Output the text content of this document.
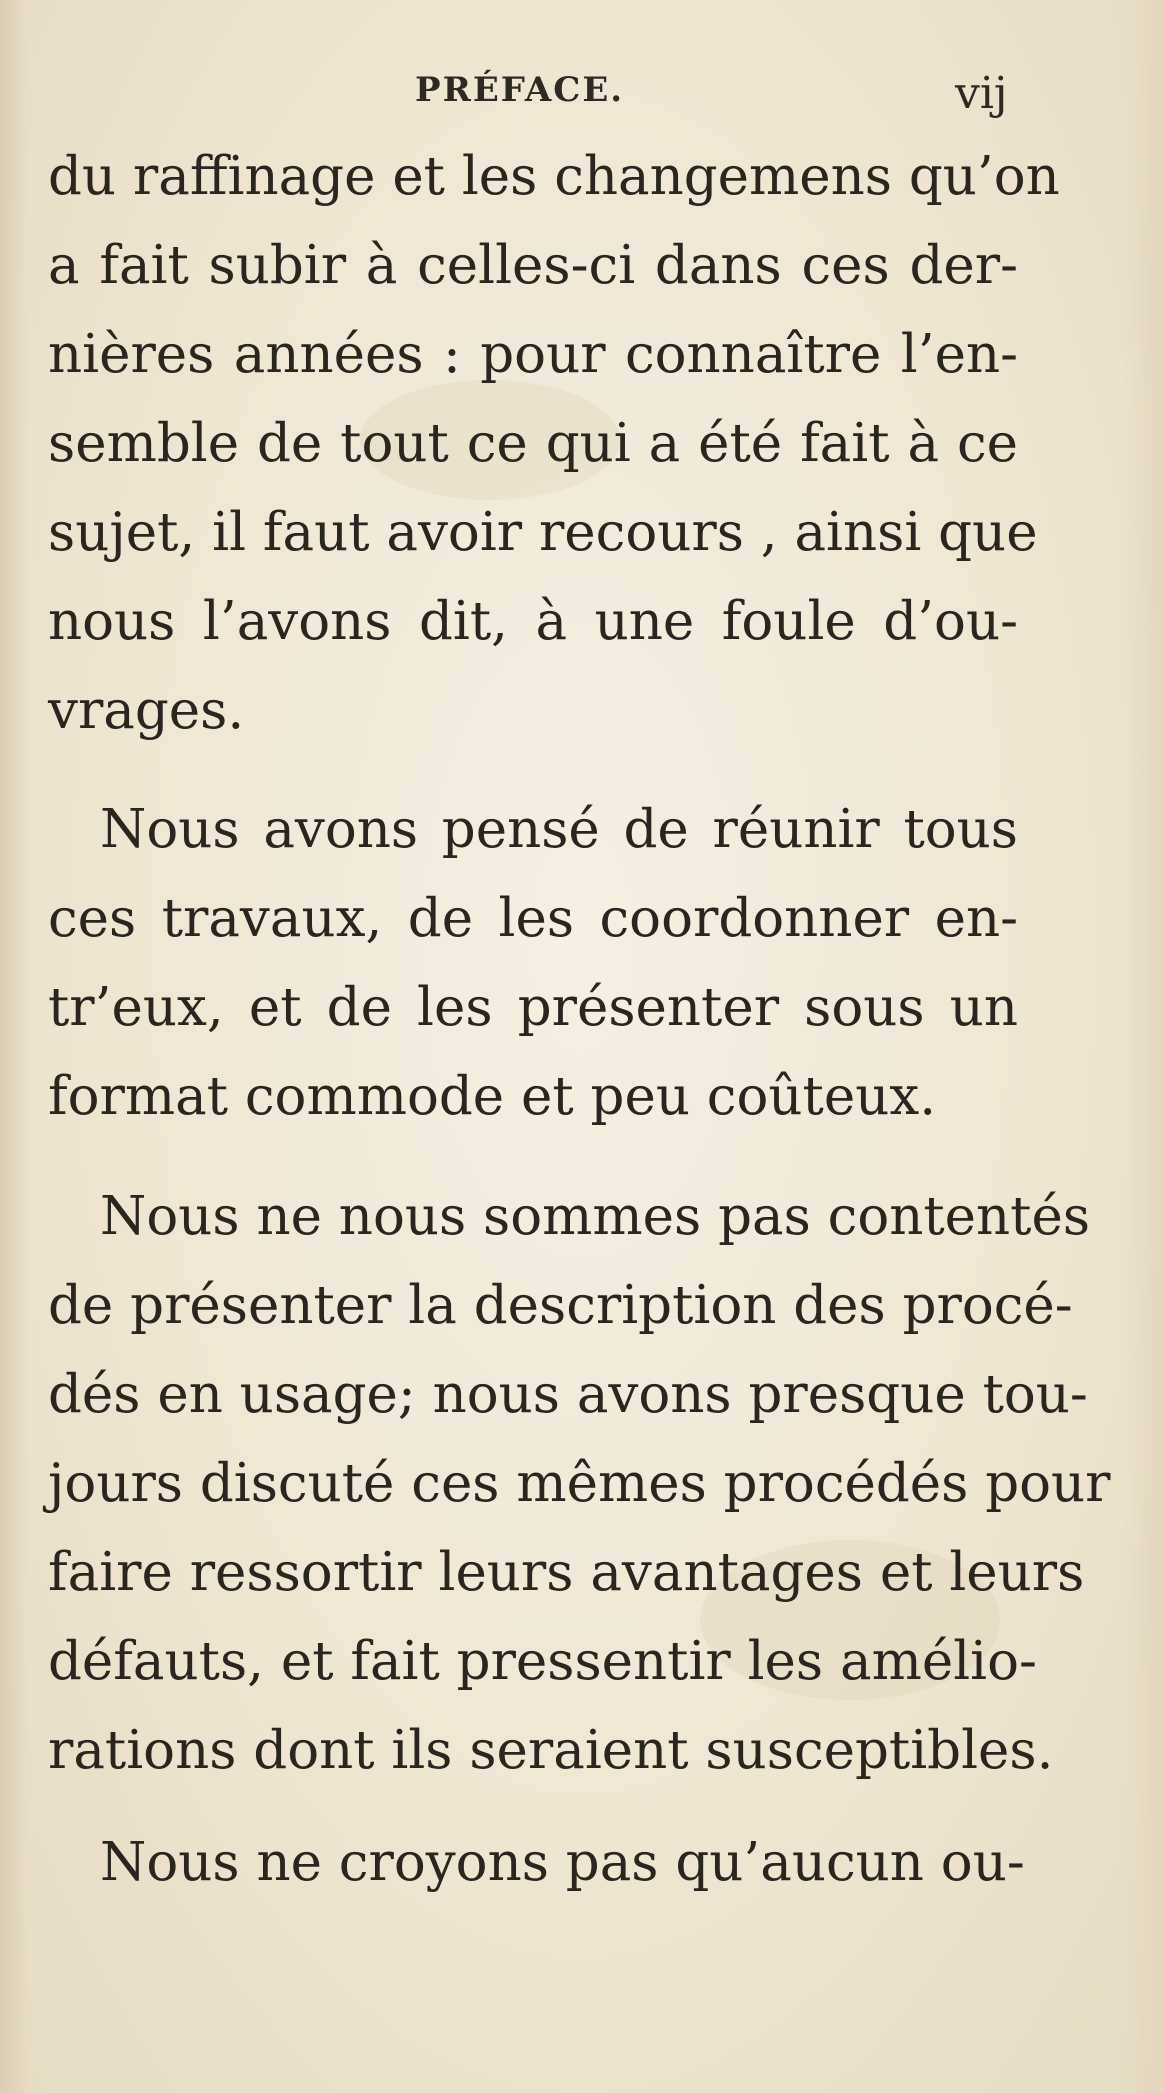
PRÉFACE.	vij
du raffinage et les changemens qu’on
a fait subir à celles-ci dans ces der-
nières années : pour connaître l’en-
semble de tout ce qui a été fait à ce
sujet, il faut avoir recours , ainsi que
nous l’avons dit, à une foule d’ou-
vrages.
Nous avons pensé de réunir tous
ces travaux, de les coordonner en-
tr’eux, et de les présenter sous un
format commode et peu coûteux.
Nous ne nous sommes pas contentés
de présenter la description des procé-
dés en usage; nous avons presque tou-
jours discuté ces mêmes procédés pour
faire ressortir leurs avantages et leurs
défauts, et fait pressentir les amélio-
rations dont ils seraient susceptibles.
Nous ne croyons pas qu’aucun ou-
